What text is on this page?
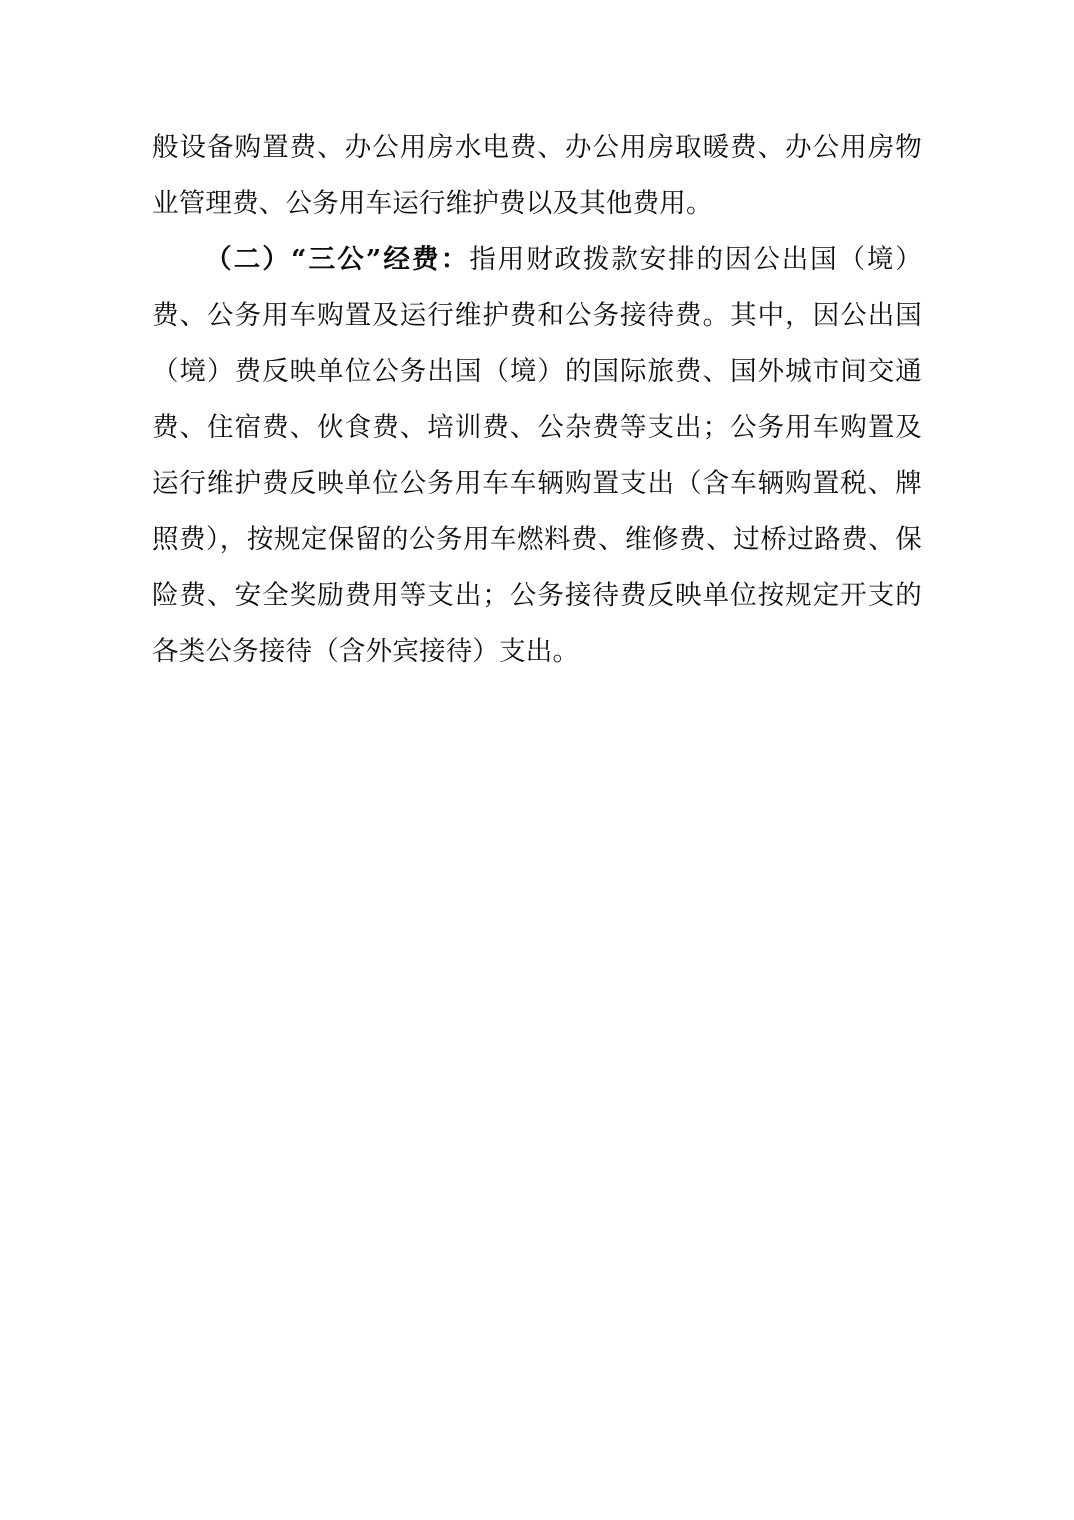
般设备购置费、办公用房水电费、办公用房取暖费、办公用房物业管理费、公务用车运行维护费以及其他费用。

（二）“三公”经费：指用财政拨款安排的因公出国（境）费、公务用车购置及运行维护费和公务接待费。其中，因公出国（境）费反映单位公务出国（境）的国际旅费、国外城市间交通费、住宿费、伙食费、培训费、公杂费等支出；公务用车购置及运行维护费反映单位公务用车车辆购置支出（含车辆购置税、牌照费），按规定保留的公务用车燃料费、维修费、过桥过路费、保险费、安全奖励费用等支出；公务接待费反映单位按规定开支的各类公务接待（含外宾接待）支出。
